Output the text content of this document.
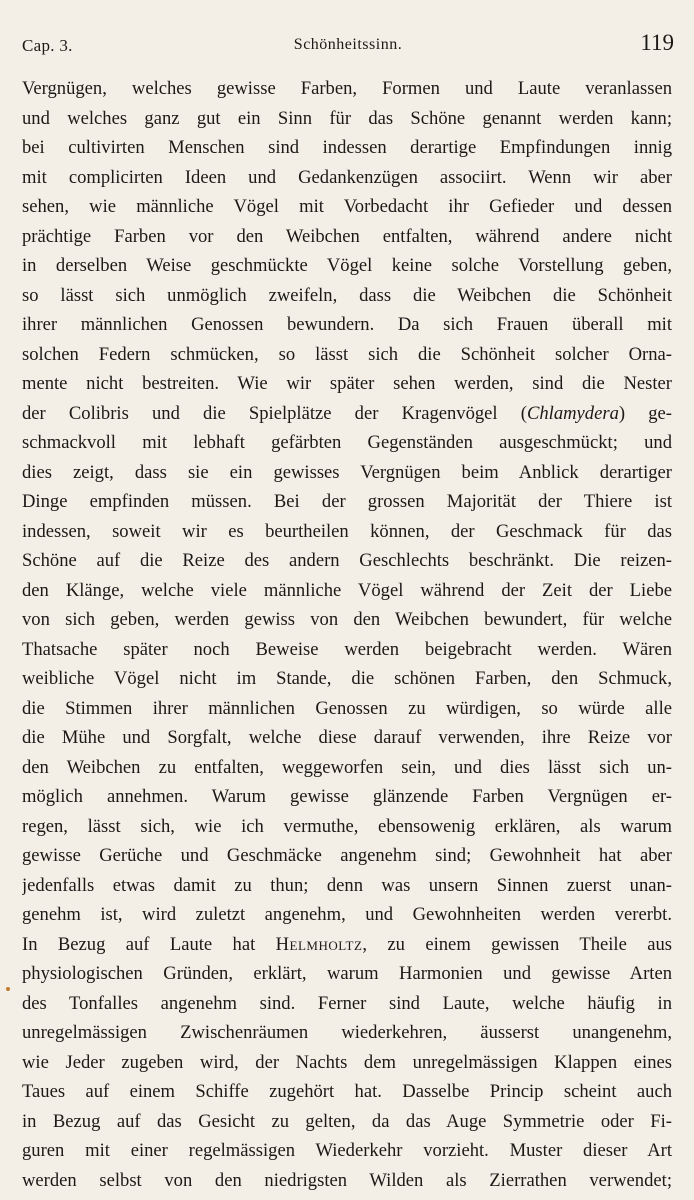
Cap. 3.	Schönheitssinn.	119
Vergnügen, welches gewisse Farben, Formen und Laute veranlassen
und welches ganz gut ein Sinn für das Schöne genannt werden kann;
bei cultivirten Menschen sind indessen derartige Empfindungen innig
mit complicirten Ideen und Gedankenzügen associirt. Wenn wir aber
sehen, wie männliche Vögel mit Vorbedacht ihr Gefieder und dessen
prächtige Farben vor den Weibchen entfalten, während andere nicht
in derselben Weise geschmückte Vögel keine solche Vorstellung geben,
so lässt sich unmöglich zweifeln, dass die Weibchen die Schönheit
ihrer männlichen Genossen bewundern. Da sich Frauen überall mit
solchen Federn schmücken, so lässt sich die Schönheit solcher Orna-
mente nicht bestreiten. Wie wir später sehen werden, sind die Nester
der Colibris und die Spielplätze der Kragenvögel (Chlamydera) ge-
schmackvoll mit lebhaft gefärbten Gegenständen ausgeschmückt; und
dies zeigt, dass sie ein gewisses Vergnügen beim Anblick derartiger
Dinge empfinden müssen. Bei der grossen Majorität der Thiere ist
indessen, soweit wir es beurtheilen können, der Geschmack für das
Schöne auf die Reize des andern Geschlechts beschränkt. Die reizen-
den Klänge, welche viele männliche Vögel während der Zeit der Liebe
von sich geben, werden gewiss von den Weibchen bewundert, für welche
Thatsache später noch Beweise werden beigebracht werden. Wären
weibliche Vögel nicht im Stande, die schönen Farben, den Schmuck,
die Stimmen ihrer männlichen Genossen zu würdigen, so würde alle
die Mühe und Sorgfalt, welche diese darauf verwenden, ihre Reize vor
den Weibchen zu entfalten, weggeworfen sein, und dies lässt sich un-
möglich annehmen. Warum gewisse glänzende Farben Vergnügen er-
regen, lässt sich, wie ich vermuthe, ebensowenig erklären, als warum
gewisse Gerüche und Geschmäcke angenehm sind; Gewohnheit hat aber
jedenfalls etwas damit zu thun; denn was unsern Sinnen zuerst unan-
genehm ist, wird zuletzt angenehm, und Gewohnheiten werden vererbt.
In Bezug auf Laute hat Helmholtz, zu einem gewissen Theile aus
physiologischen Gründen, erklärt, warum Harmonien und gewisse Arten
des Tonfalles angenehm sind. Ferner sind Laute, welche häufig in
unregelmässigen Zwischenräumen wiederkehren, äusserst unangenehm,
wie Jeder zugeben wird, der Nachts dem unregelmässigen Klappen eines
Taues auf einem Schiffe zugehört hat. Dasselbe Princip scheint auch
in Bezug auf das Gesicht zu gelten, da das Auge Symmetrie oder Fi-
guren mit einer regelmässigen Wiederkehr vorzieht. Muster dieser Art
werden selbst von den niedrigsten Wilden als Zierrathen verwendet;
